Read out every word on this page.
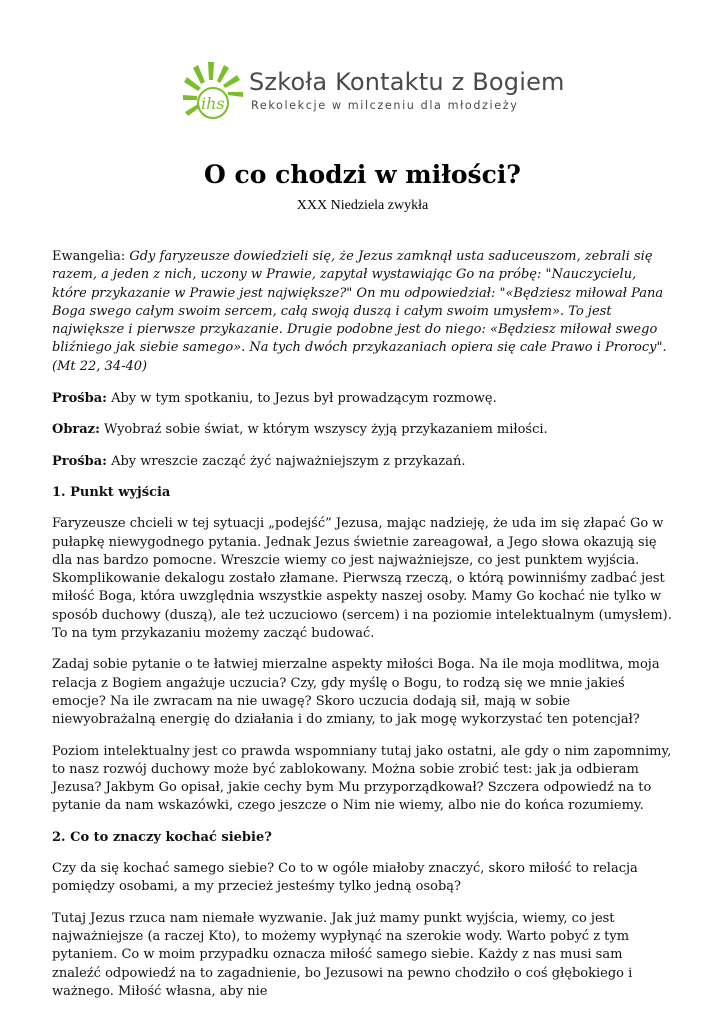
ihs
Szkoła Kontaktu z Bogiem
Rekolekcje w milczeniu dla młodzieży
O co chodzi w miłości?
XXX Niedziela zwykła

Ewangelia: Gdy faryzeusze dowiedzieli się, że Jezus zamknął usta saduceuszom, zebrali się razem, a jeden z nich, uczony w Prawie, zapytał wystawiając Go na próbę: "Nauczycielu, które przykazanie w Prawie jest największe?" On mu odpowiedział: "«Będziesz miłował Pana Boga swego całym swoim sercem, całą swoją duszą i całym swoim umysłem». To jest największe i pierwsze przykazanie. Drugie podobne jest do niego: «Będziesz miłował swego bliźniego jak siebie samego». Na tych dwóch przykazaniach opiera się całe Prawo i Prorocy". (Mt 22, 34-40)

Prośba: Aby w tym spotkaniu, to Jezus był prowadzącym rozmowę.

Obraz: Wyobraź sobie świat, w którym wszyscy żyją przykazaniem miłości.

Prośba: Aby wreszcie zacząć żyć najważniejszym z przykazań.

1. Punkt wyjścia

Faryzeusze chcieli w tej sytuacji „podejść” Jezusa, mając nadzieję, że uda im się złapać Go w pułapkę niewygodnego pytania. Jednak Jezus świetnie zareagował, a Jego słowa okazują się dla nas bardzo pomocne. Wreszcie wiemy co jest najważniejsze, co jest punktem wyjścia. Skomplikowanie dekalogu zostało złamane. Pierwszą rzeczą, o którą powinniśmy zadbać jest miłość Boga, która uwzględnia wszystkie aspekty naszej osoby. Mamy Go kochać nie tylko w sposób duchowy (duszą), ale też uczuciowo (sercem) i na poziomie intelektualnym (umysłem). To na tym przykazaniu możemy zacząć budować.

Zadaj sobie pytanie o te łatwiej mierzalne aspekty miłości Boga. Na ile moja modlitwa, moja relacja z Bogiem angażuje uczucia? Czy, gdy myślę o Bogu, to rodzą się we mnie jakieś emocje? Na ile zwracam na nie uwagę? Skoro uczucia dodają sił, mają w sobie niewyobrażalną energię do działania i do zmiany, to jak mogę wykorzystać ten potencjał?

Poziom intelektualny jest co prawda wspomniany tutaj jako ostatni, ale gdy o nim zapomnimy, to nasz rozwój duchowy może być zablokowany. Można sobie zrobić test: jak ja odbieram Jezusa? Jakbym Go opisał, jakie cechy bym Mu przyporządkował? Szczera odpowiedź na to pytanie da nam wskazówki, czego jeszcze o Nim nie wiemy, albo nie do końca rozumiemy.

2. Co to znaczy kochać siebie?

Czy da się kochać samego siebie? Co to w ogóle miałoby znaczyć, skoro miłość to relacja pomiędzy osobami, a my przecież jesteśmy tylko jedną osobą?

Tutaj Jezus rzuca nam niemałe wyzwanie. Jak już mamy punkt wyjścia, wiemy, co jest najważniejsze (a raczej Kto), to możemy wypłynąć na szerokie wody. Warto pobyć z tym pytaniem. Co w moim przypadku oznacza miłość samego siebie. Każdy z nas musi sam znaleźć odpowiedź na to zagadnienie, bo Jezusowi na pewno chodziło o coś głębokiego i ważnego. Miłość własna, aby nie
